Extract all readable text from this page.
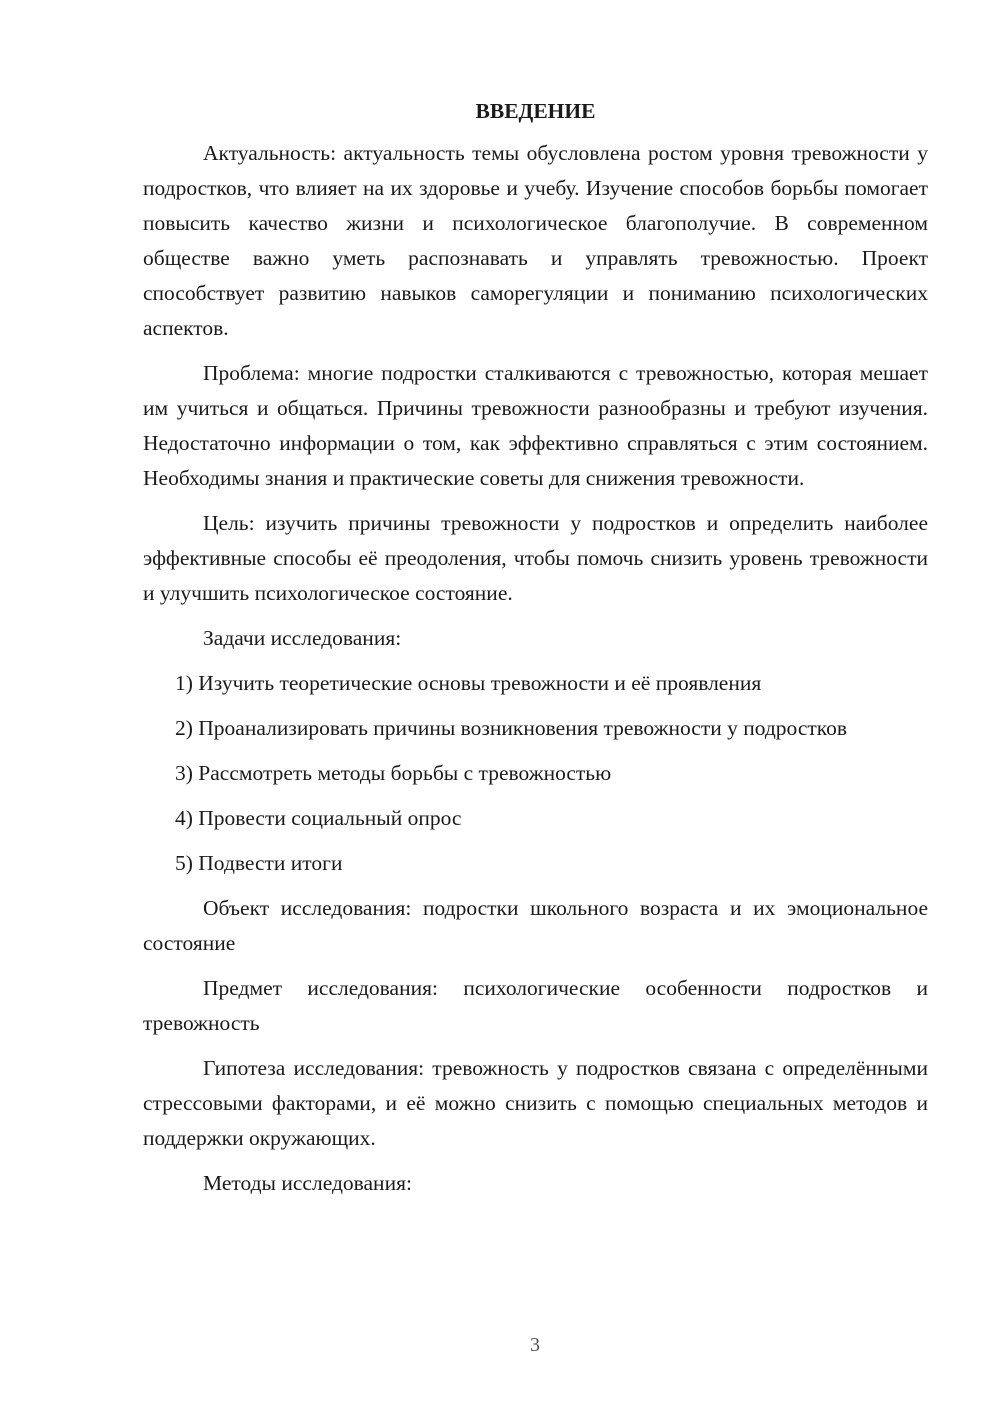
ВВЕДЕНИЕ

Актуальность: актуальность темы обусловлена ростом уровня тревожности у подростков, что влияет на их здоровье и учебу. Изучение способов борьбы помогает повысить качество жизни и психологическое благополучие. В современном обществе важно уметь распознавать и управлять тревожностью. Проект способствует развитию навыков саморегуляции и пониманию психологических аспектов.

Проблема: многие подростки сталкиваются с тревожностью, которая мешает им учиться и общаться. Причины тревожности разнообразны и требуют изучения. Недостаточно информации о том, как эффективно справляться с этим состоянием. Необходимы знания и практические советы для снижения тревожности.

Цель: изучить причины тревожности у подростков и определить наиболее эффективные способы её преодоления, чтобы помочь снизить уровень тревожности и улучшить психологическое состояние.

Задачи исследования:

1) Изучить теоретические основы тревожности и её проявления

2) Проанализировать причины возникновения тревожности у подростков

3) Рассмотреть методы борьбы с тревожностью

4) Провести социальный опрос

5) Подвести итоги

Объект исследования: подростки школьного возраста и их эмоциональное состояние

Предмет исследования: психологические особенности подростков и тревожность

Гипотеза исследования: тревожность у подростков связана с определёнными стрессовыми факторами, и её можно снизить с помощью специальных методов и поддержки окружающих.

Методы исследования:

3
